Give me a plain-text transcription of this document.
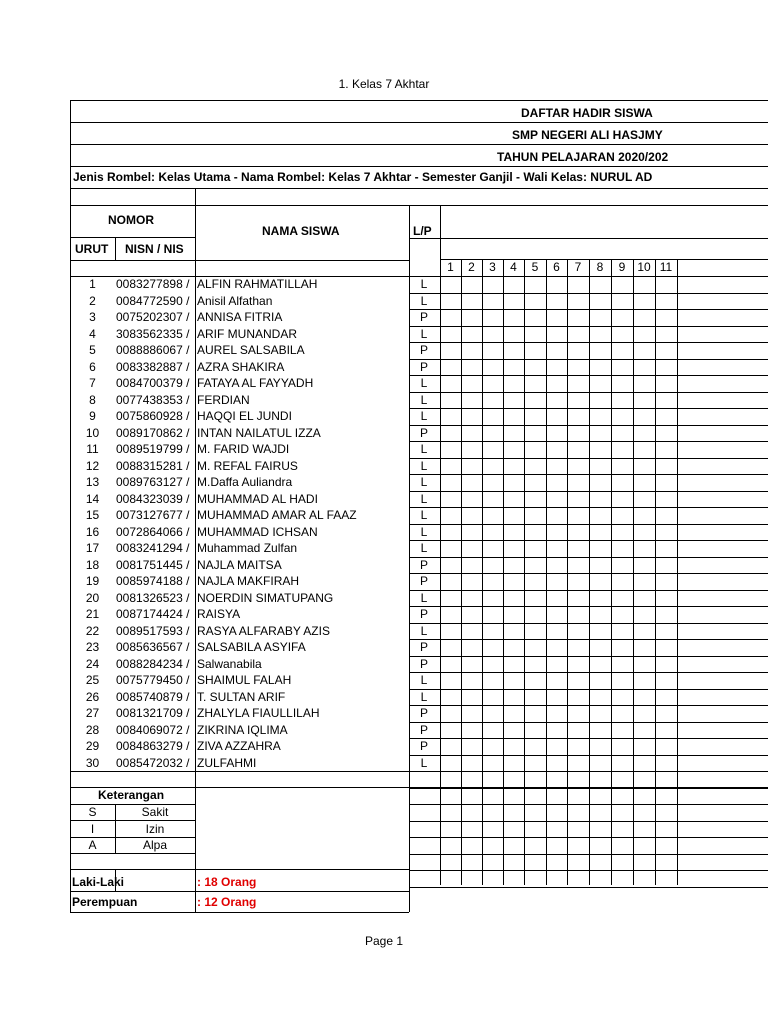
1. Kelas 7 Akhtar
DAFTAR HADIR SISWA
SMP NEGERI ALI HASJMY
TAHUN PELAJARAN 2020/202
Jenis Rombel: Kelas Utama - Nama Rombel: Kelas 7 Akhtar - Semester Ganjil - Wali Kelas: NURUL AD
NOMOR
URUT NISN / NIS
NAMA SISWA	L/P
1	2	3	4	5	6	7	8	9 10 11
1	0083277898 / ALFIN RAHMATILLAH	L
2	0084772590 / Anisil Alfathan	L
3	0075202307 / ANNISA FITRIA	P
4	3083562335 / ARIF MUNANDAR	L
5	0088886067 / AUREL SALSABILA	P
6	0083382887 / AZRA SHAKIRA	P
7	0084700379 / FATAYA AL FAYYADH	L
8	0077438353 / FERDIAN	L
9	0075860928 / HAQQI EL JUNDI	L
10	0089170862 / INTAN NAILATUL IZZA	P
11	0089519799 / M. FARID WAJDI	L
12	0088315281 / M. REFAL FAIRUS	L
13	0089763127 / M.Daffa Auliandra	L
14	0084323039 / MUHAMMAD AL HADI	L
15	0073127677 / MUHAMMAD AMAR AL FAAZ	L
16	0072864066 / MUHAMMAD ICHSAN	L
17	0083241294 / Muhammad Zulfan	L
18	0081751445 / NAJLA MAITSA	P
19	0085974188 / NAJLA MAKFIRAH	P
20	0081326523 / NOERDIN SIMATUPANG	L
21	0087174424 / RAISYA	P
22	0089517593 / RASYA ALFARABY AZIS	L
23	0085636567 / SALSABILA ASYIFA	P
24	0088284234 / Salwanabila	P
25	0075779450 / SHAIMUL FALAH	L
26	0085740879 / T. SULTAN ARIF	L
27	0081321709 / ZHALYLA FIAULLILAH	P
28	0084069072 / ZIKRINA IQLIMA	P
29	0084863279 / ZIVA AZZAHRA	P
30	0085472032 / ZULFAHMI	L
Keterangan
S	Sakit
I	Izin
A	Alpa
Laki-Laki	: 18 Orang
Perempuan	: 12 Orang
Page 1
